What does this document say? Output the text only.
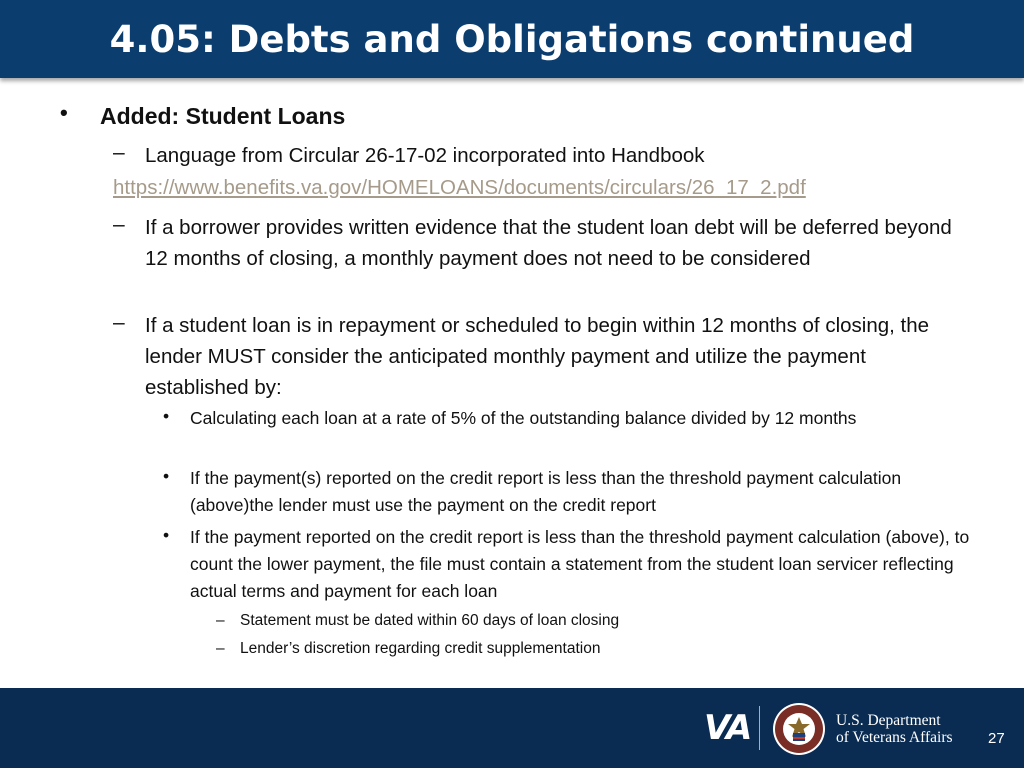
4.05: Debts and Obligations continued
• Added: Student Loans
– Language from Circular 26-17-02 incorporated into Handbook
https://www.benefits.va.gov/HOMELOANS/documents/circulars/26_17_2.pdf
– If a borrower provides written evidence that the student loan debt will be deferred beyond 12 months of closing, a monthly payment does not need to be considered
– If a student loan is in repayment or scheduled to begin within 12 months of closing, the lender MUST consider the anticipated monthly payment and utilize the payment established by:
• Calculating each loan at a rate of 5% of the outstanding balance divided by 12 months
• If the payment(s) reported on the credit report is less than the threshold payment calculation (above)the lender must use the payment on the credit report
• If the payment reported on the credit report is less than the threshold payment calculation (above), to count the lower payment, the file must contain a statement from the student loan servicer reflecting actual terms and payment for each loan
– Statement must be dated within 60 days of loan closing
– Lender’s discretion regarding credit supplementation
VA	U.S. Department
of Veterans Affairs 27
